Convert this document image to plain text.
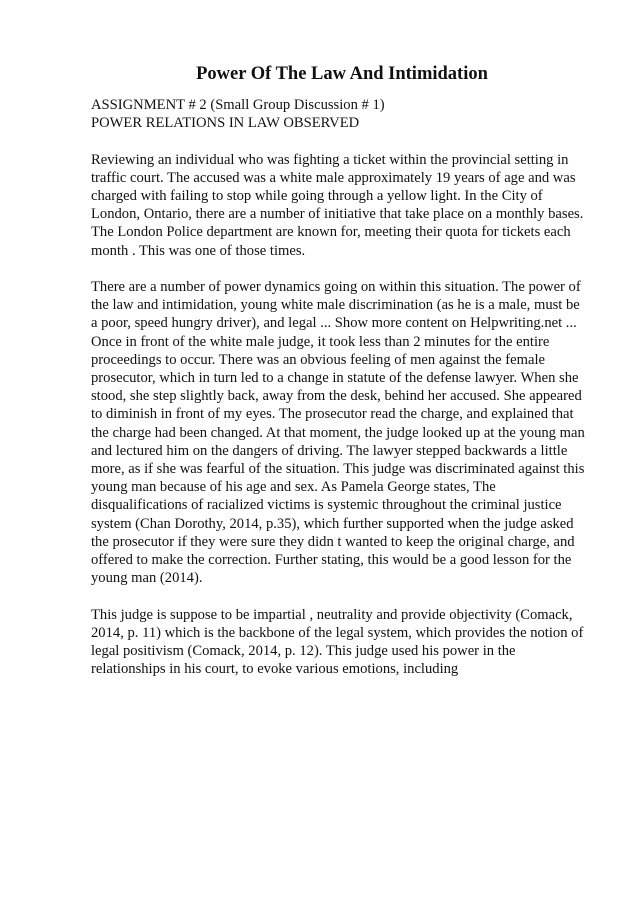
Power Of The Law And Intimidation

ASSIGNMENT # 2 (Small Group Discussion # 1)

POWER RELATIONS IN LAW OBSERVED

Reviewing an individual who was fighting a ticket within the provincial setting in
traffic court. The accused was a white male approximately 19 years of age and was
charged with failing to stop while going through a yellow light. In the City of
London, Ontario, there are a number of initiative that take place on a monthly bases.
The London Police department are known for, meeting their quota for tickets each
month . This was one of those times.

There are a number of power dynamics going on within this situation. The power of
the law and intimidation, young white male discrimination (as he is a male, must be
a poor, speed hungry driver), and legal ... Show more content on Helpwriting.net ...
Once in front of the white male judge, it took less than 2 minutes for the entire
proceedings to occur. There was an obvious feeling of men against the female
prosecutor, which in turn led to a change in statute of the defense lawyer. When she
stood, she step slightly back, away from the desk, behind her accused. She appeared
to diminish in front of my eyes. The prosecutor read the charge, and explained that
the charge had been changed. At that moment, the judge looked up at the young man
and lectured him on the dangers of driving. The lawyer stepped backwards a little
more, as if she was fearful of the situation. This judge was discriminated against this
young man because of his age and sex. As Pamela George states, The
disqualifications of racialized victims is systemic throughout the criminal justice
system (Chan Dorothy, 2014, p.35), which further supported when the judge asked
the prosecutor if they were sure they didn t wanted to keep the original charge, and
offered to make the correction. Further stating, this would be a good lesson for the
young man (2014).

This judge is suppose to be impartial , neutrality and provide objectivity (Comack,
2014, p. 11) which is the backbone of the legal system, which provides the notion of
legal positivism (Comack, 2014, p. 12). This judge used his power in the
relationships in his court, to evoke various emotions, including
